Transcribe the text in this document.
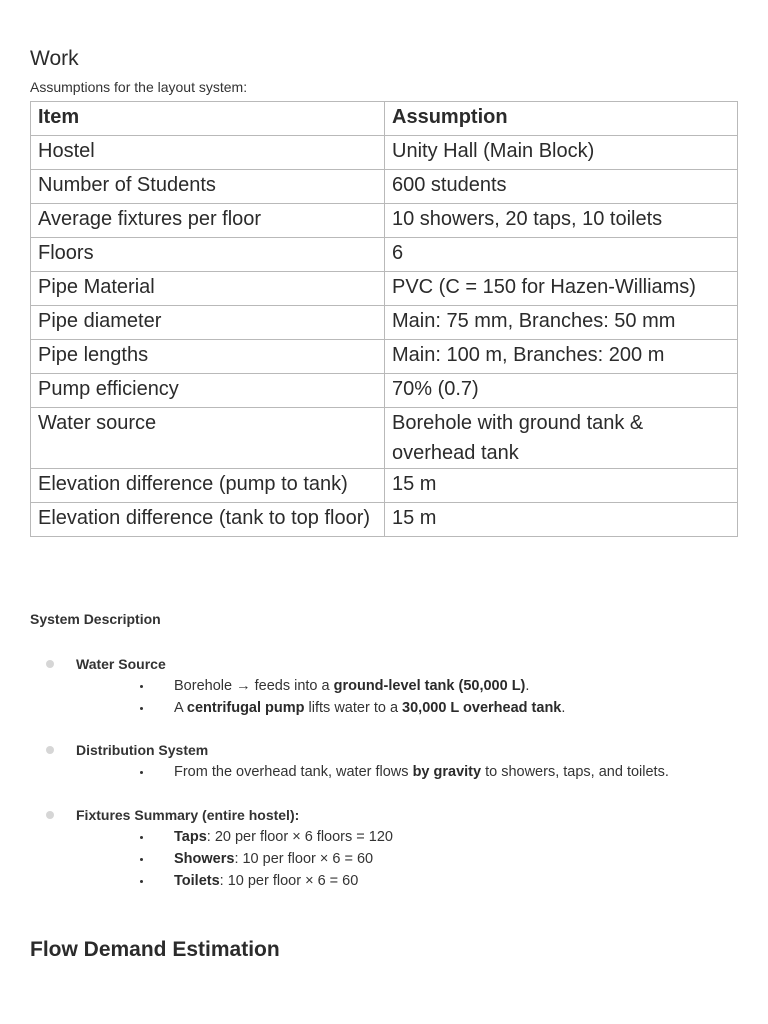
Work
Assumptions for the layout system:
Item	Assumption
Hostel	Unity Hall (Main Block)
Number of Students	600 students
Average fixtures per floor	10 showers, 20 taps, 10 toilets
Floors	6
Pipe Material	PVC (C = 150 for Hazen-Williams)
Pipe diameter	Main: 75 mm, Branches: 50 mm
Pipe lengths	Main: 100 m, Branches: 200 m
Pump efficiency	70% (0.7)
Water source	Borehole with ground tank & overhead tank
Elevation difference (pump to tank)	15 m
Elevation difference (tank to top floor)	15 m
System Description
Water Source
Borehole → feeds into a ground-level tank (50,000 L).
A centrifugal pump lifts water to a 30,000 L overhead tank.
Distribution System
From the overhead tank, water flows by gravity to showers, taps, and toilets.
Fixtures Summary (entire hostel):
Taps: 20 per floor × 6 floors = 120
Showers: 10 per floor × 6 = 60
Toilets: 10 per floor × 6 = 60
Flow Demand Estimation
